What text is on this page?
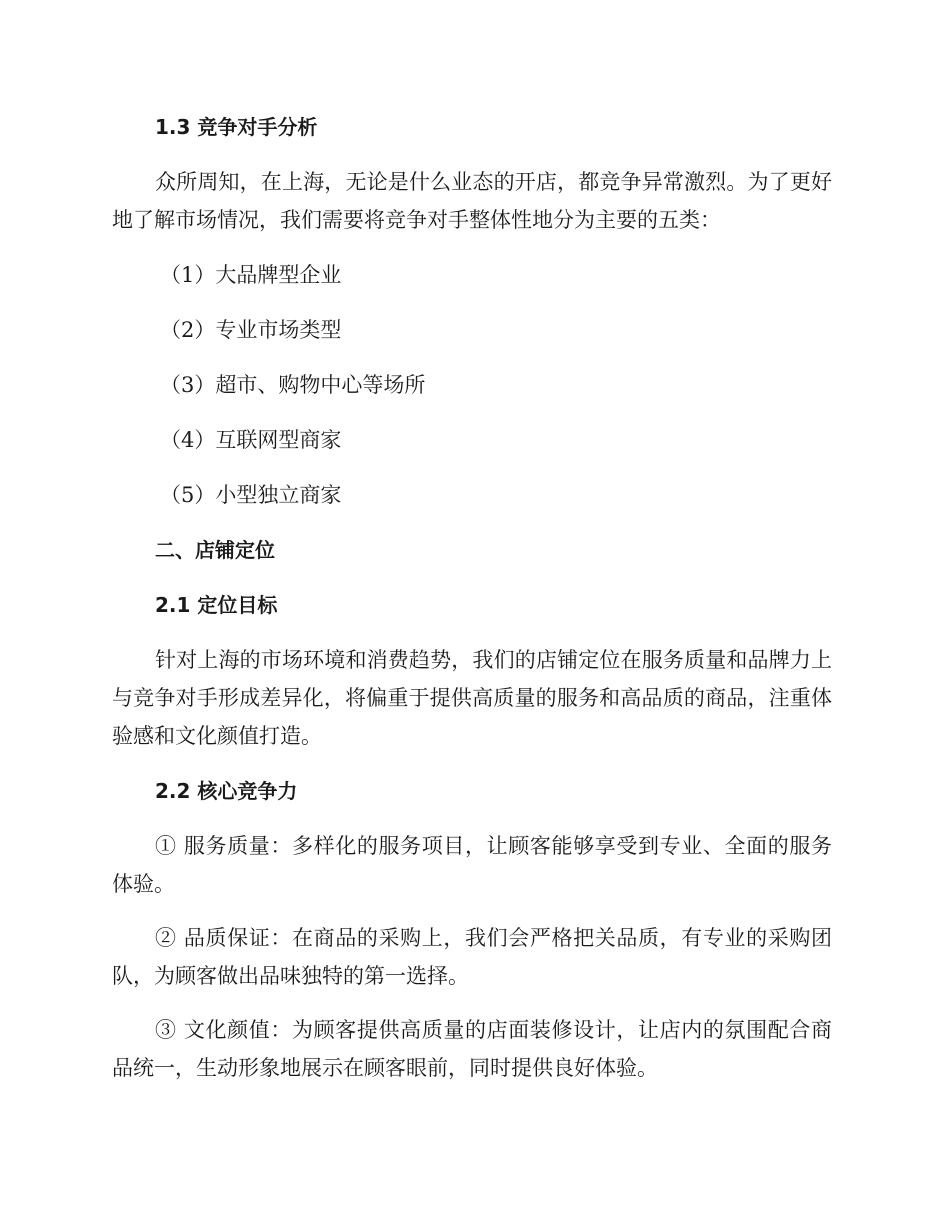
1.3 竞争对手分析
众所周知，在上海，无论是什么业态的开店，都竞争异常激烈。为了更好地了解市场情况，我们需要将竞争对手整体性地分为主要的五类：
（1）大品牌型企业
（2）专业市场类型
（3）超市、购物中心等场所
（4）互联网型商家
（5）小型独立商家
二、店铺定位
2.1 定位目标
针对上海的市场环境和消费趋势，我们的店铺定位在服务质量和品牌力上与竞争对手形成差异化，将偏重于提供高质量的服务和高品质的商品，注重体验感和文化颜值打造。
2.2 核心竞争力
① 服务质量：多样化的服务项目，让顾客能够享受到专业、全面的服务体验。
② 品质保证：在商品的采购上，我们会严格把关品质，有专业的采购团队，为顾客做出品味独特的第一选择。
③ 文化颜值：为顾客提供高质量的店面装修设计，让店内的氛围配合商品统一，生动形象地展示在顾客眼前，同时提供良好体验。
